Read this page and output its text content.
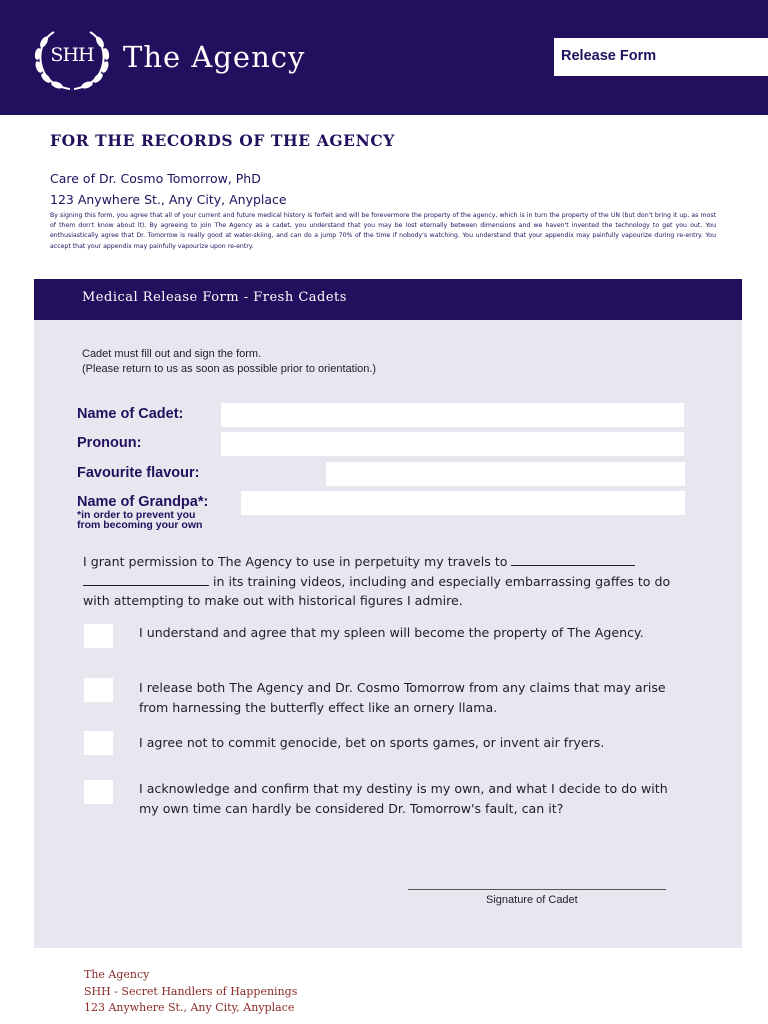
SHH	The Agency	Release Form
FOR THE RECORDS OF THE AGENCY
Care of Dr. Cosmo Tomorrow, PhD
123 Anywhere St., Any City, Anyplace
By signing this form, you agree that all of your current and future medical history is forfeit and will be forevermore the property of the agency, which is in turn the property of the UN (but don't bring it up, as most of them don't know about it). By agreeing to join The Agency as a cadet, you understand that you may be lost eternally between dimensions and we haven't invented the technology to get you out. You enthusiastically agree that Dr. Tomorrow is really good at water-skiing, and can do a jump 70% of the time if nobody's watching. You understand that your appendix may painfully vapourize during re-entry. You accept that your appendix may painfully vapourize upon re-entry.
Medical Release Form - Fresh Cadets
Cadet must fill out and sign the form.
(Please return to us as soon as possible prior to orientation.)
Name of Cadet:
Pronoun:
Favourite flavour:
Name of Grandpa*:
*in order to prevent you
from becoming your own
I grant permission to The Agency to use in perpetuity my travels to   in its training videos, including and especially embarrassing gaffes to do with attempting to make out with historical figures I admire.
I understand and agree that my spleen will become the property of The Agency.
I release both The Agency and Dr. Cosmo Tomorrow from any claims that may arise from harnessing the butterfly effect like an ornery llama.
I agree not to commit genocide, bet on sports games, or invent air fryers.
I acknowledge and confirm that my destiny is my own, and what I decide to do with my own time can hardly be considered Dr. Tomorrow's fault, can it?
Signature of Cadet
The Agency
SHH - Secret Handlers of Happenings
123 Anywhere St., Any City, Anyplace
